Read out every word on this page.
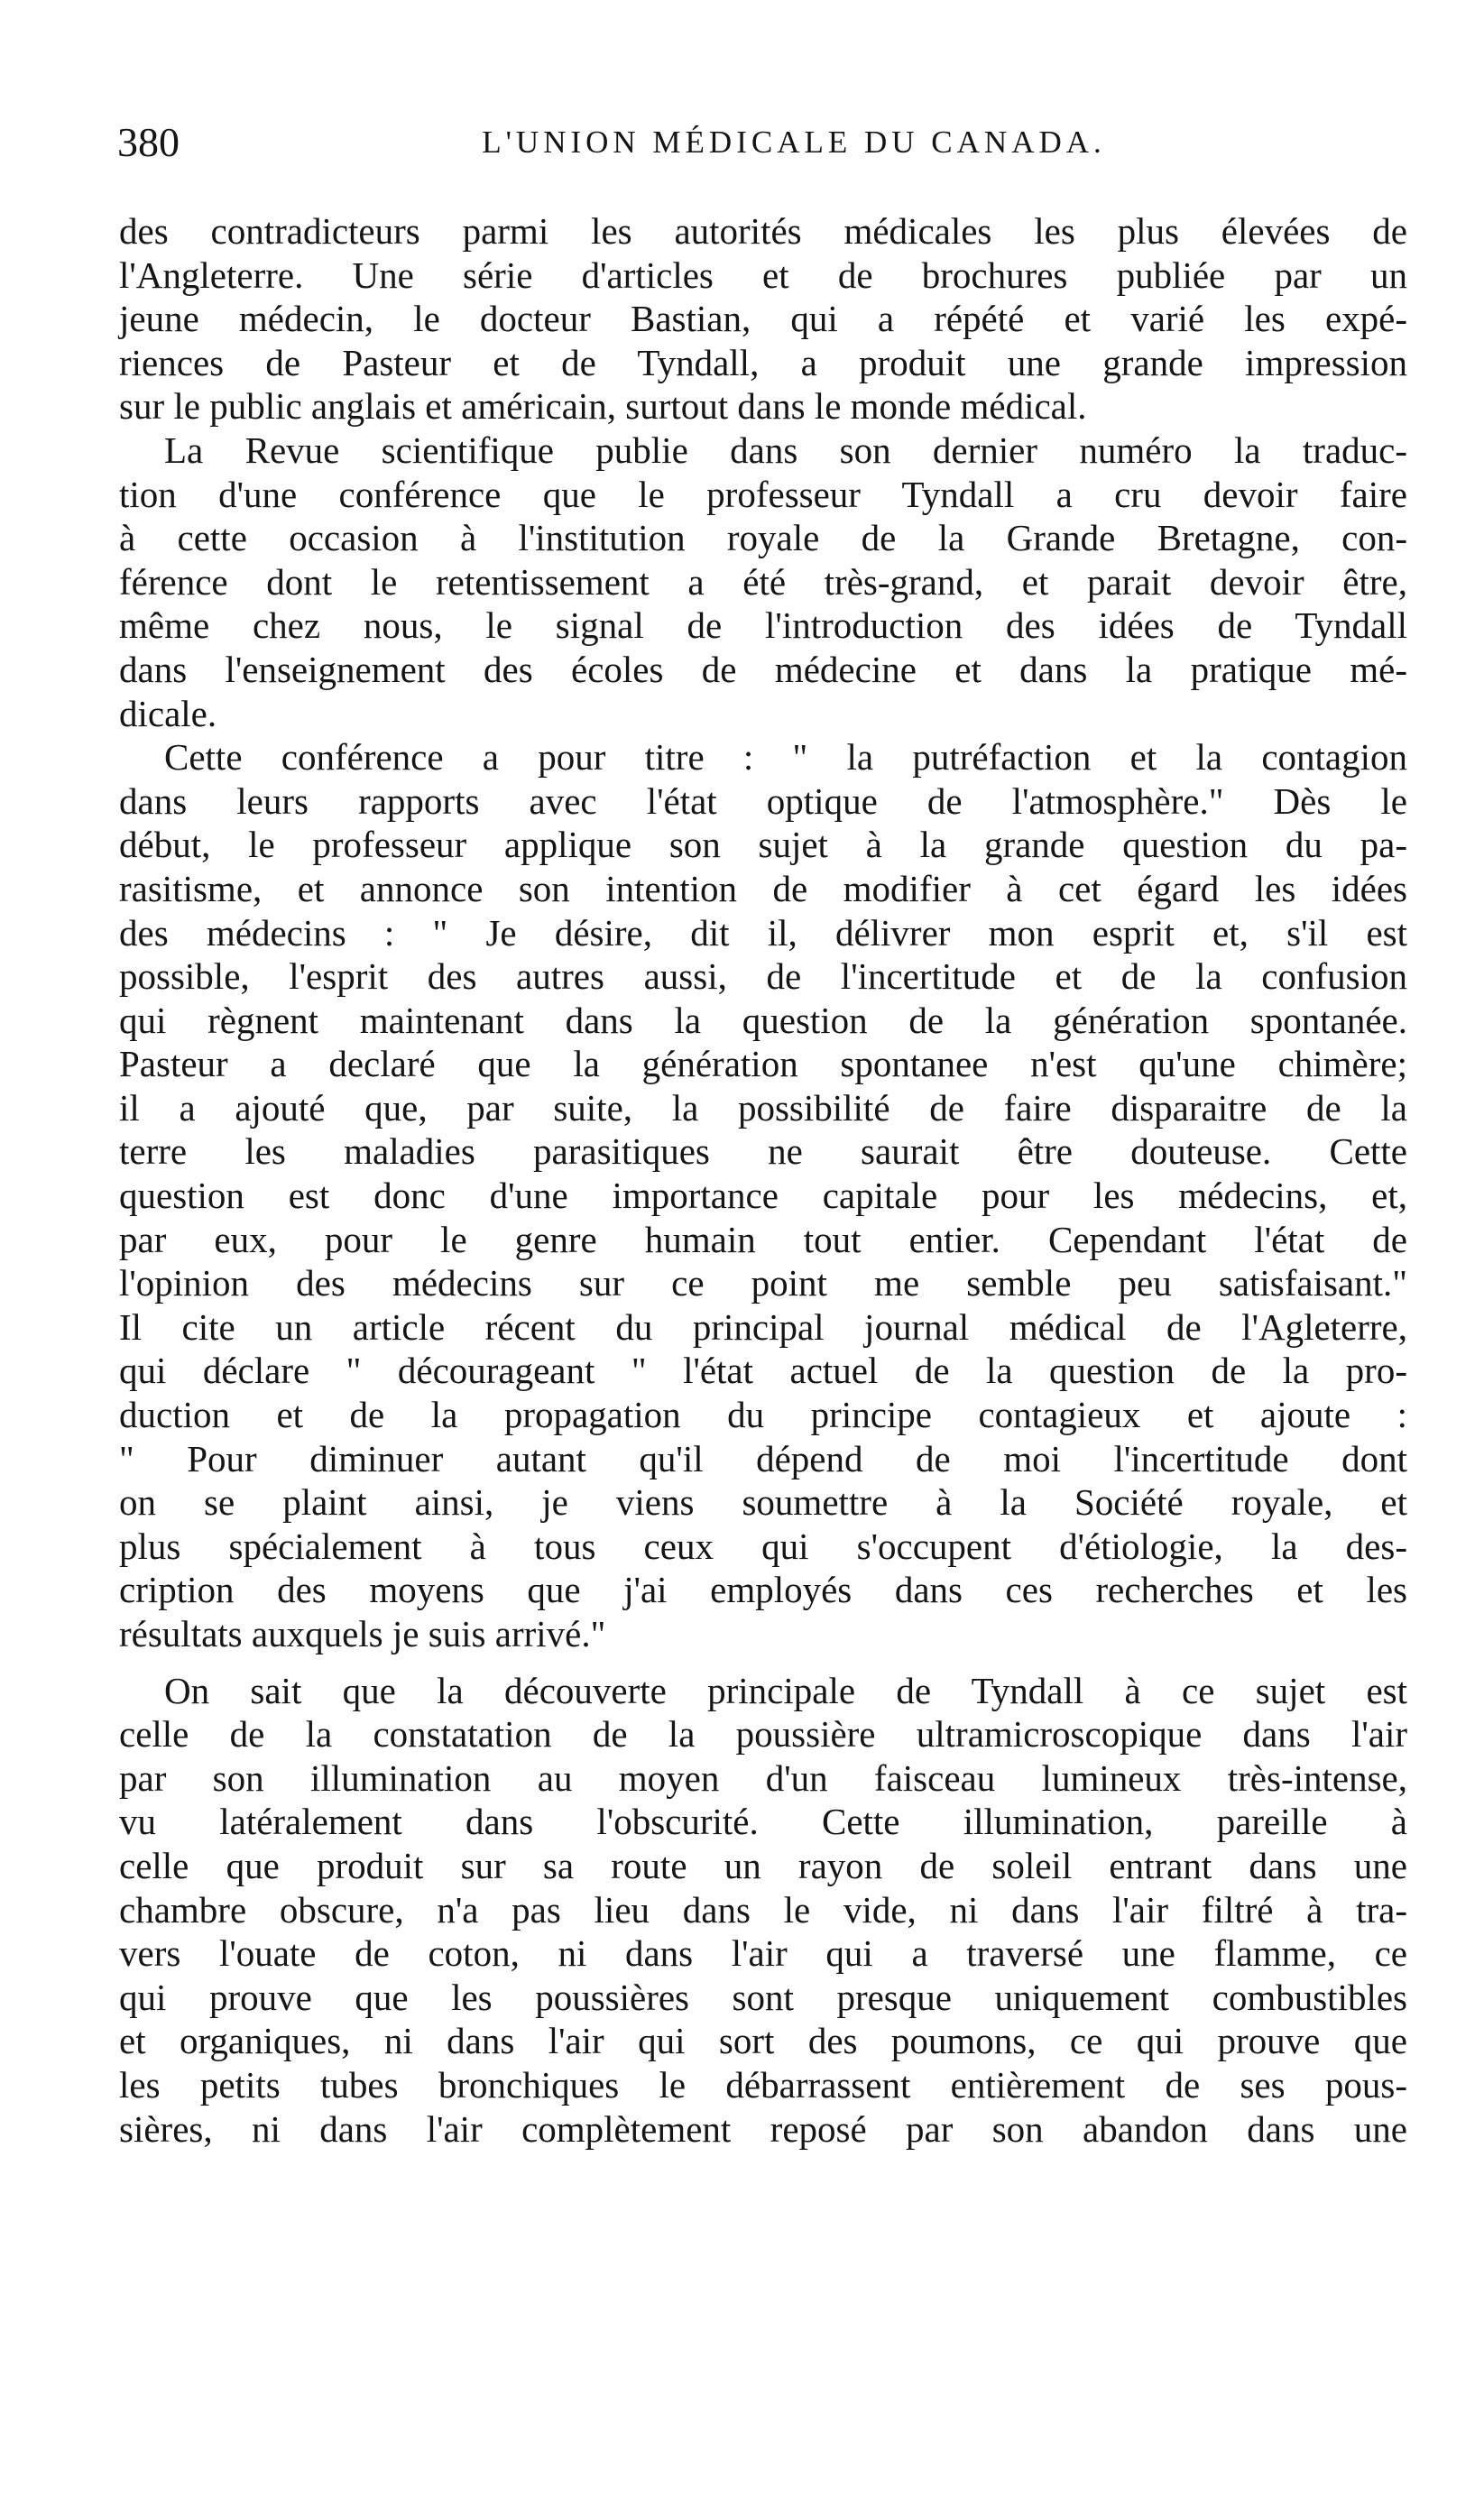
380	L'UNION MÉDICALE DU CANADA.
des contradicteurs parmi les autorités médicales les plus élevées de
l'Angleterre. Une série d'articles et de brochures publiée par un
jeune médecin, le docteur Bastian, qui a répété et varié les expé-
riences de Pasteur et de Tyndall, a produit une grande impression
sur le public anglais et américain, surtout dans le monde médical.
La Revue scientifique publie dans son dernier numéro la traduc-
tion d'une conférence que le professeur Tyndall a cru devoir faire
à cette occasion à l'institution royale de la Grande Bretagne, con-
férence dont le retentissement a été très-grand, et parait devoir être,
même chez nous, le signal de l'introduction des idées de Tyndall
dans l'enseignement des écoles de médecine et dans la pratique mé-
dicale.
Cette conférence a pour titre : " la putréfaction et la contagion
dans leurs rapports avec l'état optique de l'atmosphère." Dès le
début, le professeur applique son sujet à la grande question du pa-
rasitisme, et annonce son intention de modifier à cet égard les idées
des médecins : " Je désire, dit il, délivrer mon esprit et, s'il est
possible, l'esprit des autres aussi, de l'incertitude et de la confusion
qui règnent maintenant dans la question de la génération spontanée.
Pasteur a declaré que la génération spontanee n'est qu'une chimère;
il a ajouté que, par suite, la possibilité de faire disparaitre de la
terre les maladies parasitiques ne saurait être douteuse. Cette
question est donc d'une importance capitale pour les médecins, et,
par eux, pour le genre humain tout entier. Cependant l'état de
l'opinion des médecins sur ce point me semble peu satisfaisant."
Il cite un article récent du principal journal médical de l'Agleterre,
qui déclare " décourageant " l'état actuel de la question de la pro-
duction et de la propagation du principe contagieux et ajoute :
" Pour diminuer autant qu'il dépend de moi l'incertitude dont
on se plaint ainsi, je viens soumettre à la Société royale, et
plus spécialement à tous ceux qui s'occupent d'étiologie, la des-
cription des moyens que j'ai employés dans ces recherches et les
résultats auxquels je suis arrivé."
On sait que la découverte principale de Tyndall à ce sujet est
celle de la constatation de la poussière ultramicroscopique dans l'air
par son illumination au moyen d'un faisceau lumineux très-intense,
vu latéralement dans l'obscurité. Cette illumination, pareille à
celle que produit sur sa route un rayon de soleil entrant dans une
chambre obscure, n'a pas lieu dans le vide, ni dans l'air filtré à tra-
vers l'ouate de coton, ni dans l'air qui a traversé une flamme, ce
qui prouve que les poussières sont presque uniquement combustibles
et organiques, ni dans l'air qui sort des poumons, ce qui prouve que
les petits tubes bronchiques le débarrassent entièrement de ses pous-
sières, ni dans l'air complètement reposé par son abandon dans une
